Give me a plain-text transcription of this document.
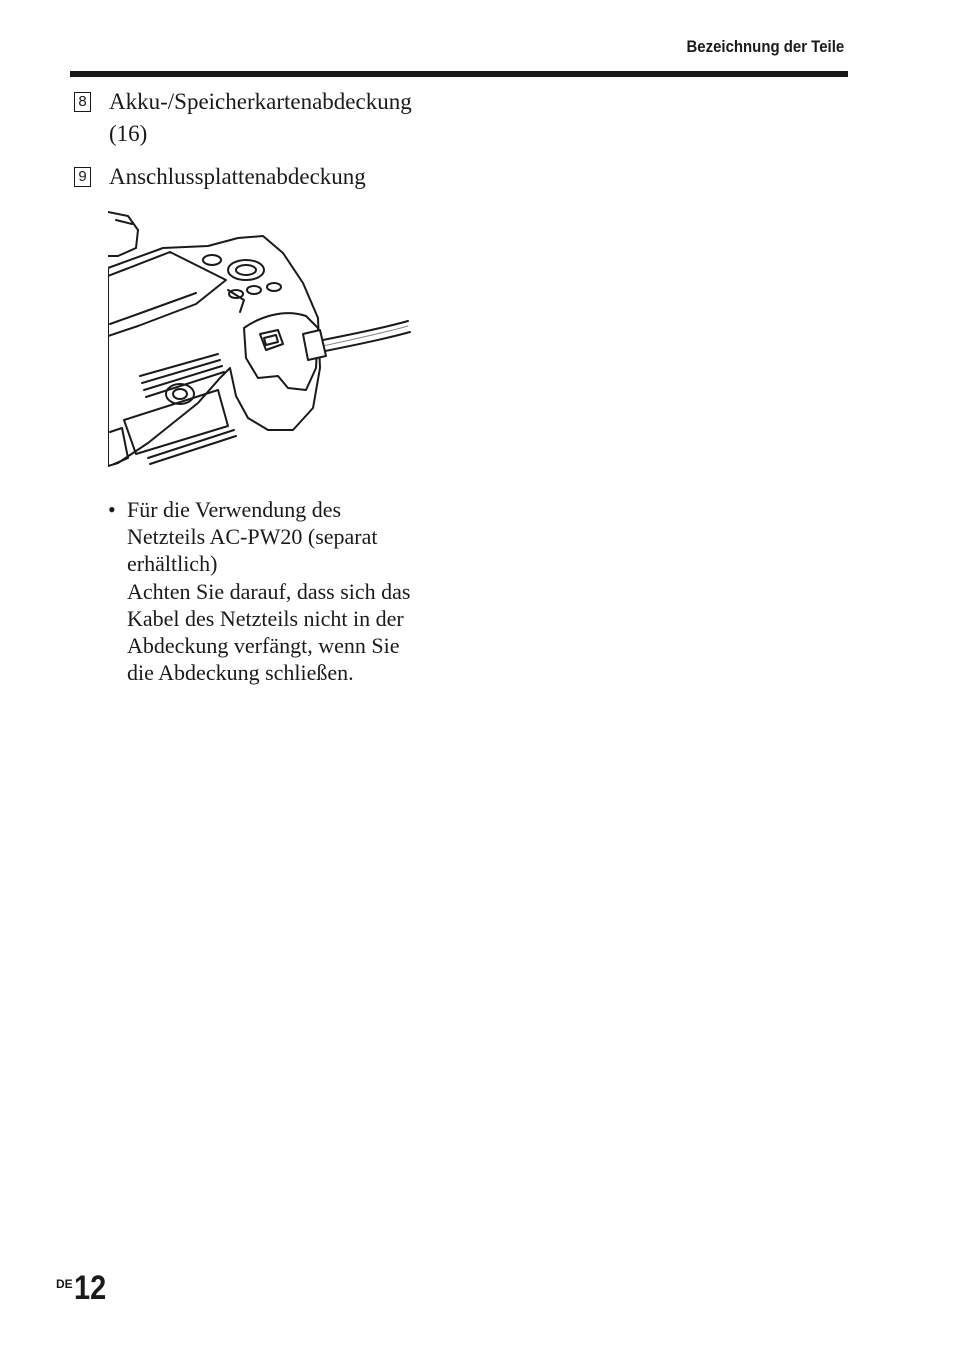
Bezeichnung der Teile
8 Akku-/Speicherkartenabdeckung
(16)
9 Anschlussplattenabdeckung
• Für die Verwendung des
Netzteils AC-PW20 (separat
erhältlich)
Achten Sie darauf, dass sich das
Kabel des Netzteils nicht in der
Abdeckung verfängt, wenn Sie
die Abdeckung schließen.
$^{DE}$12
